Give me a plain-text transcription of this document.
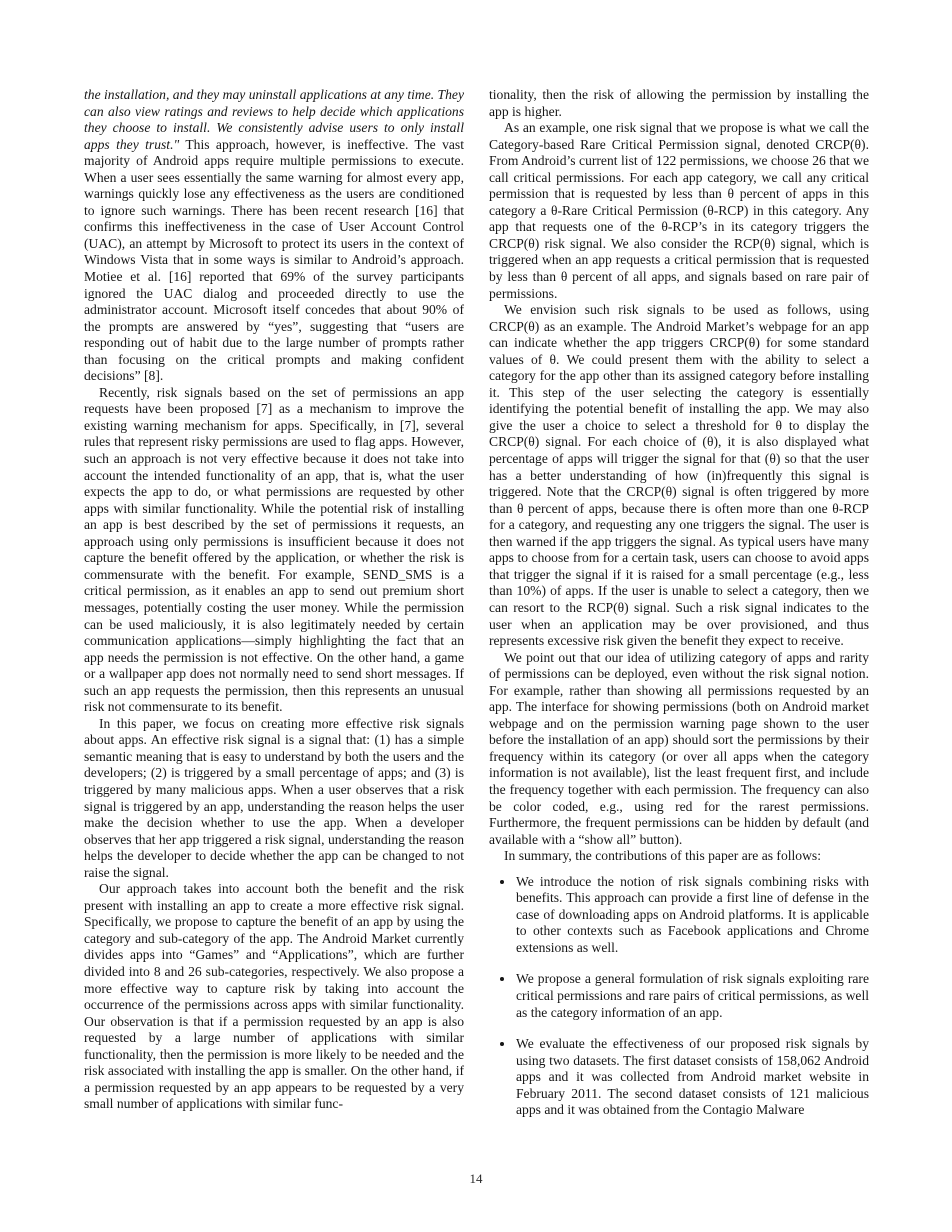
the installation, and they may uninstall applications at any time. They can also view ratings and reviews to help decide which applications they choose to install. We consistently advise users to only install apps they trust." This approach, however, is ineffective. The vast majority of Android apps require multiple permissions to execute. When a user sees essentially the same warning for almost every app, warnings quickly lose any effectiveness as the users are conditioned to ignore such warnings. There has been recent research [16] that confirms this ineffectiveness in the case of User Account Control (UAC), an attempt by Microsoft to protect its users in the context of Windows Vista that in some ways is similar to Android’s approach. Motiee et al. [16] reported that 69% of the survey participants ignored the UAC dialog and proceeded directly to use the administrator account. Microsoft itself concedes that about 90% of the prompts are answered by “yes”, suggesting that “users are responding out of habit due to the large number of prompts rather than focusing on the critical prompts and making confident decisions” [8].

Recently, risk signals based on the set of permissions an app requests have been proposed [7] as a mechanism to improve the existing warning mechanism for apps. Specifically, in [7], several rules that represent risky permissions are used to flag apps. However, such an approach is not very effective because it does not take into account the intended functionality of an app, that is, what the user expects the app to do, or what permissions are requested by other apps with similar functionality. While the potential risk of installing an app is best described by the set of permissions it requests, an approach using only permissions is insufficient because it does not capture the benefit offered by the application, or whether the risk is commensurate with the benefit. For example, SEND_SMS is a critical permission, as it enables an app to send out premium short messages, potentially costing the user money. While the permission can be used maliciously, it is also legitimately needed by certain communication applications—simply highlighting the fact that an app needs the permission is not effective. On the other hand, a game or a wallpaper app does not normally need to send short messages. If such an app requests the permission, then this represents an unusual risk not commensurate to its benefit.

In this paper, we focus on creating more effective risk signals about apps. An effective risk signal is a signal that: (1) has a simple semantic meaning that is easy to understand by both the users and the developers; (2) is triggered by a small percentage of apps; and (3) is triggered by many malicious apps. When a user observes that a risk signal is triggered by an app, understanding the reason helps the user make the decision whether to use the app. When a developer observes that her app triggered a risk signal, understanding the reason helps the developer to decide whether the app can be changed to not raise the signal.

Our approach takes into account both the benefit and the risk present with installing an app to create a more effective risk signal. Specifically, we propose to capture the benefit of an app by using the category and sub-category of the app. The Android Market currently divides apps into “Games” and “Applications”, which are further divided into 8 and 26 sub-categories, respectively. We also propose a more effective way to capture risk by taking into account the occurrence of the permissions across apps with similar functionality. Our observation is that if a permission requested by an app is also requested by a large number of applications with similar functionality, then the permission is more likely to be needed and the risk associated with installing the app is smaller. On the other hand, if a permission requested by an app appears to be requested by a very small number of applications with similar func-

tionality, then the risk of allowing the permission by installing the app is higher.

As an example, one risk signal that we propose is what we call the Category-based Rare Critical Permission signal, denoted CRCP(θ). From Android’s current list of 122 permissions, we choose 26 that we call critical permissions. For each app category, we call any critical permission that is requested by less than θ percent of apps in this category a θ-Rare Critical Permission (θ-RCP) in this category. Any app that requests one of the θ-RCP’s in its category triggers the CRCP(θ) risk signal. We also consider the RCP(θ) signal, which is triggered when an app requests a critical permission that is requested by less than θ percent of all apps, and signals based on rare pair of permissions.

We envision such risk signals to be used as follows, using CRCP(θ) as an example. The Android Market’s webpage for an app can indicate whether the app triggers CRCP(θ) for some standard values of θ. We could present them with the ability to select a category for the app other than its assigned category before installing it. This step of the user selecting the category is essentially identifying the potential benefit of installing the app. We may also give the user a choice to select a threshold for θ to display the CRCP(θ) signal. For each choice of (θ), it is also displayed what percentage of apps will trigger the signal for that (θ) so that the user has a better understanding of how (in)frequently this signal is triggered. Note that the CRCP(θ) signal is often triggered by more than θ percent of apps, because there is often more than one θ-RCP for a category, and requesting any one triggers the signal. The user is then warned if the app triggers the signal. As typical users have many apps to choose from for a certain task, users can choose to avoid apps that trigger the signal if it is raised for a small percentage (e.g., less than 10%) of apps. If the user is unable to select a category, then we can resort to the RCP(θ) signal. Such a risk signal indicates to the user when an application may be over provisioned, and thus represents excessive risk given the benefit they expect to receive.

We point out that our idea of utilizing category of apps and rarity of permissions can be deployed, even without the risk signal notion. For example, rather than showing all permissions requested by an app. The interface for showing permissions (both on Android market webpage and on the permission warning page shown to the user before the installation of an app) should sort the permissions by their frequency within its category (or over all apps when the category information is not available), list the least frequent first, and include the frequency together with each permission. The frequency can also be color coded, e.g., using red for the rarest permissions. Furthermore, the frequent permissions can be hidden by default (and available with a “show all” button).

In summary, the contributions of this paper are as follows:

• We introduce the notion of risk signals combining risks with benefits. This approach can provide a first line of defense in the case of downloading apps on Android platforms. It is applicable to other contexts such as Facebook applications and Chrome extensions as well.
• We propose a general formulation of risk signals exploiting rare critical permissions and rare pairs of critical permissions, as well as the category information of an app.
• We evaluate the effectiveness of our proposed risk signals by using two datasets. The first dataset consists of 158,062 Android apps and it was collected from Android market website in February 2011. The second dataset consists of 121 malicious apps and it was obtained from the Contagio Malware
14
